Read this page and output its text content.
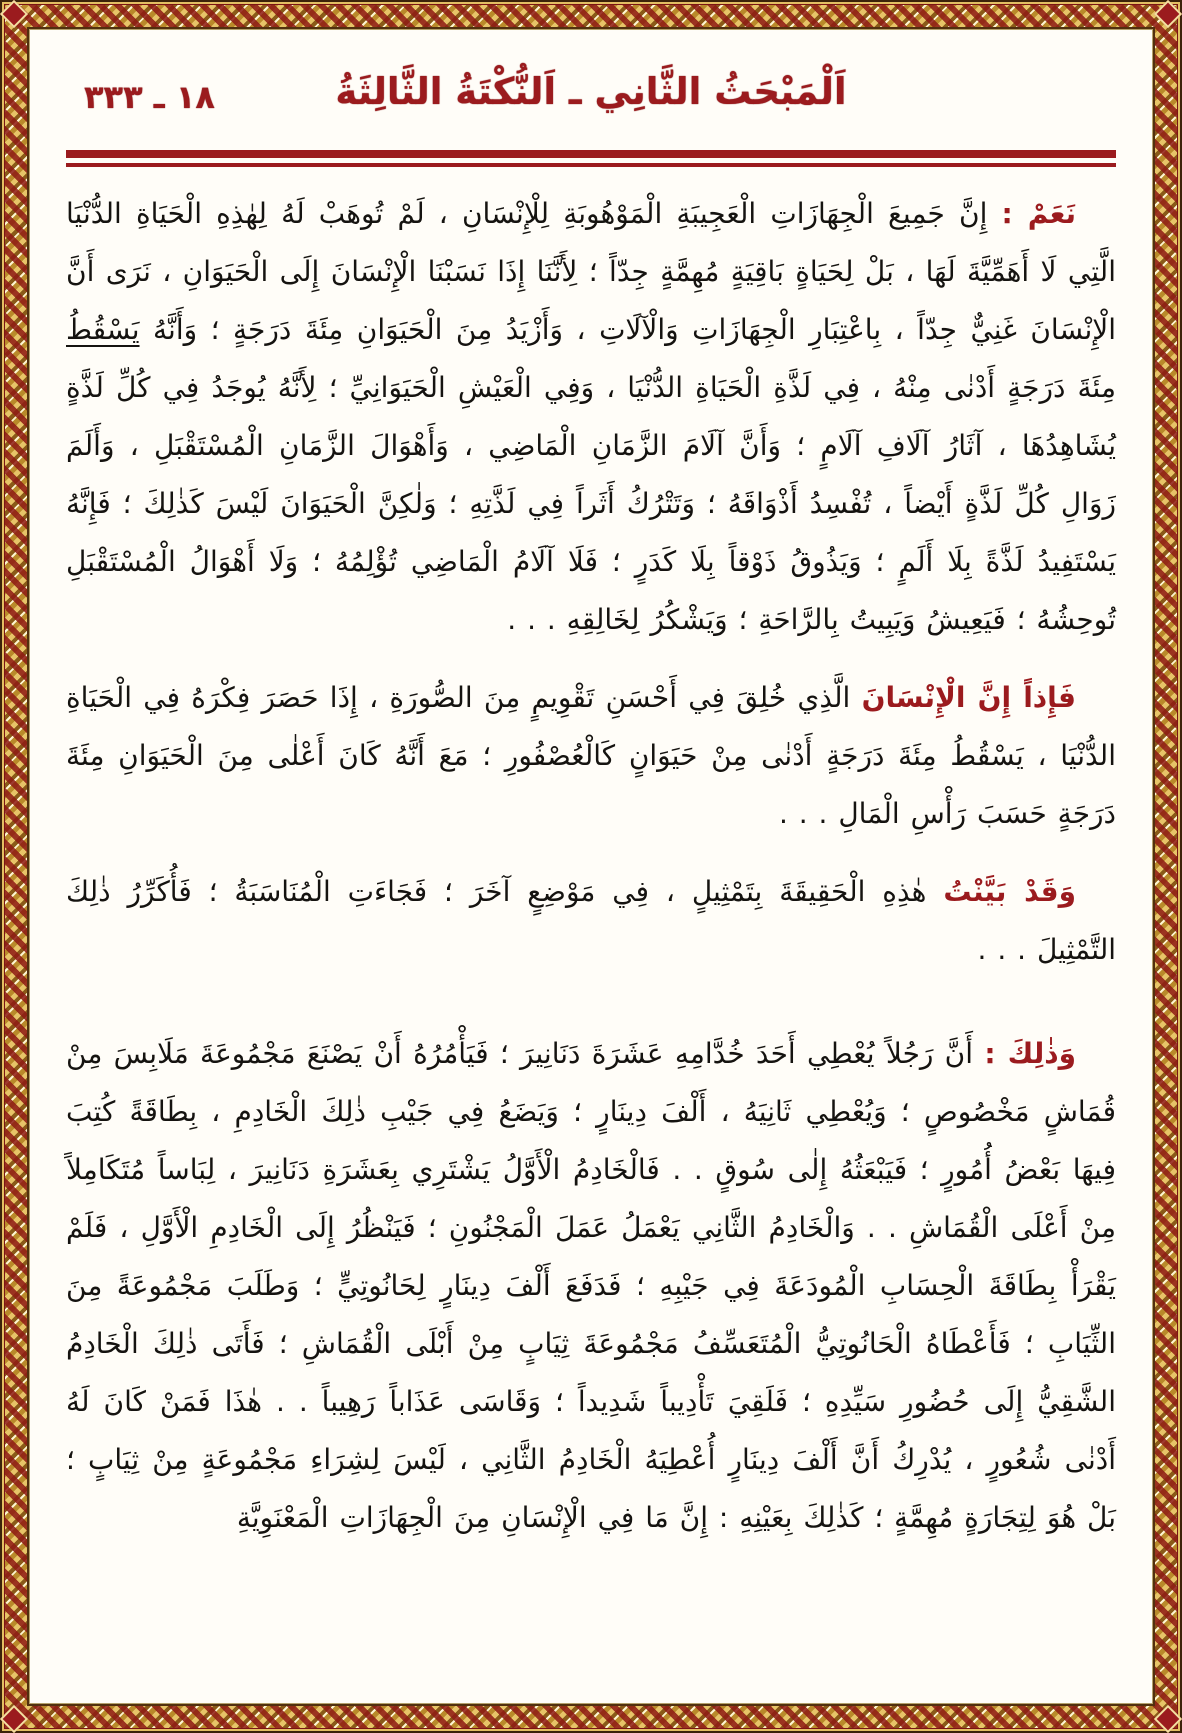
١٨ ـ ٣٣٣	اَلْمَبْحَثُ الثَّانِي ـ اَلنُّكْتَةُ الثَّالِثَةُ

نَعَمْ : إِنَّ جَمِيعَ الْجِهَازَاتِ الْعَجِيبَةِ الْمَوْهُوبَةِ لِلْإِنْسَانِ ، لَمْ تُوهَبْ لَهُ لِهٰذِهِ الْحَيَاةِ الدُّنْيَا الَّتِي لَا أَهَمِّيَّةَ لَهَا ، بَلْ لِحَيَاةٍ بَاقِيَةٍ مُهِمَّةٍ جِدّاً ؛ لِأَنَّنَا إِذَا نَسَبْنَا الْإِنْسَانَ إِلَى الْحَيَوَانِ ، نَرَى أَنَّ الْإِنْسَانَ غَنِيٌّ جِدّاً ، بِاعْتِبَارِ الْجِهَازَاتِ وَالْآلَاتِ ، وَأَزْيَدُ مِنَ الْحَيَوَانِ مِئَةَ دَرَجَةٍ ؛ وَأَنَّهُ يَسْقُطُ مِئَةَ دَرَجَةٍ أَدْنٰى مِنْهُ ، فِي لَذَّةِ الْحَيَاةِ الدُّنْيَا ، وَفِي الْعَيْشِ الْحَيَوَانِيِّ ؛ لِأَنَّهُ يُوجَدُ فِي كُلِّ لَذَّةٍ يُشَاهِدُهَا ، آثَارُ آلَافِ آلَامٍ ؛ وَأَنَّ آلَامَ الزَّمَانِ الْمَاضِي ، وَأَهْوَالَ الزَّمَانِ الْمُسْتَقْبَلِ ، وَأَلَمَ زَوَالِ كُلِّ لَذَّةٍ أَيْضاً ، تُفْسِدُ أَذْوَاقَهُ ؛ وَتَتْرُكُ أَثَراً فِي لَذَّتِهِ ؛ وَلٰكِنَّ الْحَيَوَانَ لَيْسَ كَذٰلِكَ ؛ فَإِنَّهُ يَسْتَفِيدُ لَذَّةً بِلَا أَلَمٍ ؛ وَيَذُوقُ ذَوْقاً بِلَا كَدَرٍ ؛ فَلَا آلَامُ الْمَاضِي تُؤْلِمُهُ ؛ وَلَا أَهْوَالُ الْمُسْتَقْبَلِ تُوحِشُهُ ؛ فَيَعِيشُ وَيَبِيتُ بِالرَّاحَةِ ؛ وَيَشْكُرُ لِخَالِقِهِ . . .

فَإِذاً إِنَّ الْإِنْسَانَ الَّذِي خُلِقَ فِي أَحْسَنِ تَقْوِيمٍ مِنَ الصُّورَةِ ، إِذَا حَصَرَ فِكْرَهُ فِي الْحَيَاةِ الدُّنْيَا ، يَسْقُطُ مِئَةَ دَرَجَةٍ أَدْنٰى مِنْ حَيَوَانٍ كَالْعُصْفُورِ ؛ مَعَ أَنَّهُ كَانَ أَعْلٰى مِنَ الْحَيَوَانِ مِئَةَ دَرَجَةٍ حَسَبَ رَأْسِ الْمَالِ . . .

وَقَدْ بَيَّنْتُ هٰذِهِ الْحَقِيقَةَ بِتَمْثِيلٍ ، فِي مَوْضِعٍ آخَرَ ؛ فَجَاءَتِ الْمُنَاسَبَةُ ؛ فَأُكَرِّرُ ذٰلِكَ التَّمْثِيلَ . . .

وَذٰلِكَ : أَنَّ رَجُلاً يُعْطِي أَحَدَ خُدَّامِهِ عَشَرَةَ دَنَانِيرَ ؛ فَيَأْمُرُهُ أَنْ يَصْنَعَ مَجْمُوعَةَ مَلَابِسَ مِنْ قُمَاشٍ مَخْصُوصٍ ؛ وَيُعْطِي ثَانِيَهُ ، أَلْفَ دِينَارٍ ؛ وَيَضَعُ فِي جَيْبِ ذٰلِكَ الْخَادِمِ ، بِطَاقَةً كُتِبَ فِيهَا بَعْضُ أُمُورٍ ؛ فَيَبْعَثُهُ إِلٰى سُوقٍ . . فَالْخَادِمُ الْأَوَّلُ يَشْتَرِي بِعَشَرَةِ دَنَانِيرَ ، لِبَاساً مُتَكَامِلاً مِنْ أَعْلَى الْقُمَاشِ . . وَالْخَادِمُ الثَّانِي يَعْمَلُ عَمَلَ الْمَجْنُونِ ؛ فَيَنْظُرُ إِلَى الْخَادِمِ الْأَوَّلِ ، فَلَمْ يَقْرَأْ بِطَاقَةَ الْحِسَابِ الْمُودَعَةَ فِي جَيْبِهِ ؛ فَدَفَعَ أَلْفَ دِينَارٍ لِحَانُوتِيٍّ ؛ وَطَلَبَ مَجْمُوعَةً مِنَ الثِّيَابِ ؛ فَأَعْطَاهُ الْحَانُوتِيُّ الْمُتَعَسِّفُ مَجْمُوعَةَ ثِيَابٍ مِنْ أَبْلَى الْقُمَاشِ ؛ فَأَتَى ذٰلِكَ الْخَادِمُ الشَّقِيُّ إِلَى حُضُورِ سَيِّدِهِ ؛ فَلَقِيَ تَأْدِيباً شَدِيداً ؛ وَقَاسَى عَذَاباً رَهِيباً . . هٰذَا فَمَنْ كَانَ لَهُ أَدْنٰى شُعُورٍ ، يُدْرِكُ أَنَّ أَلْفَ دِينَارٍ أُعْطِيَهُ الْخَادِمُ الثَّانِي ، لَيْسَ لِشِرَاءِ مَجْمُوعَةٍ مِنْ ثِيَابٍ ؛ بَلْ هُوَ لِتِجَارَةٍ مُهِمَّةٍ ؛ كَذٰلِكَ بِعَيْنِهِ : إِنَّ مَا فِي الْإِنْسَانِ مِنَ الْجِهَازَاتِ الْمَعْنَوِيَّةِ
